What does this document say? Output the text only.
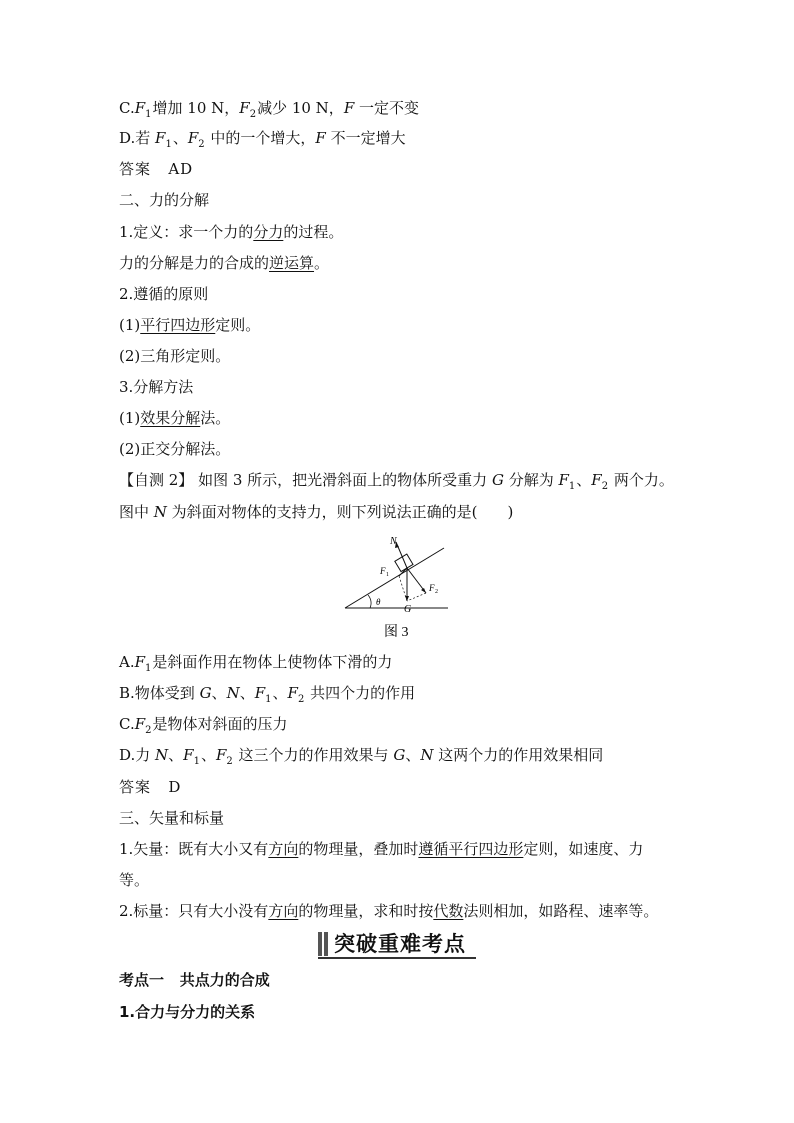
$C.F_1$增加 10 N，$F_2$减少 10 N，F 一定不变
D.若 $F_1$、$F_2$ 中的一个增大，F 不一定增大
答案 AD
二、力的分解
1.定义：求一个力的分力的过程。
力的分解是力的合成的逆运算。
2.遵循的原则
(1)平行四边形定则。
(2)三角形定则。
3.分解方法
(1)效果分解法。
(2)正交分解法。
【自测 2】 如图 3 所示，把光滑斜面上的物体所受重力 G 分解为 $F_1$、$F_2$ 两个力。
图中 N 为斜面对物体的支持力，则下列说法正确的是(　　)
N
F 1
F 2
G
θ
图 3
$A.F_1$是斜面作用在物体上使物体下滑的力
B.物体受到 G、N、$F_1$、$F_2$ 共四个力的作用
$C.F_2$是物体对斜面的压力
D.力 N、$F_1$、$F_2$ 这三个力的作用效果与 G、N 这两个力的作用效果相同
答案 D
三、矢量和标量
1.矢量：既有大小又有方向的物理量，叠加时遵循平行四边形定则，如速度、力
等。
2.标量：只有大小没有方向的物理量，求和时按代数法则相加，如路程、速率等。
突破重难考点
考点一 共点力的合成
1.合力与分力的关系
